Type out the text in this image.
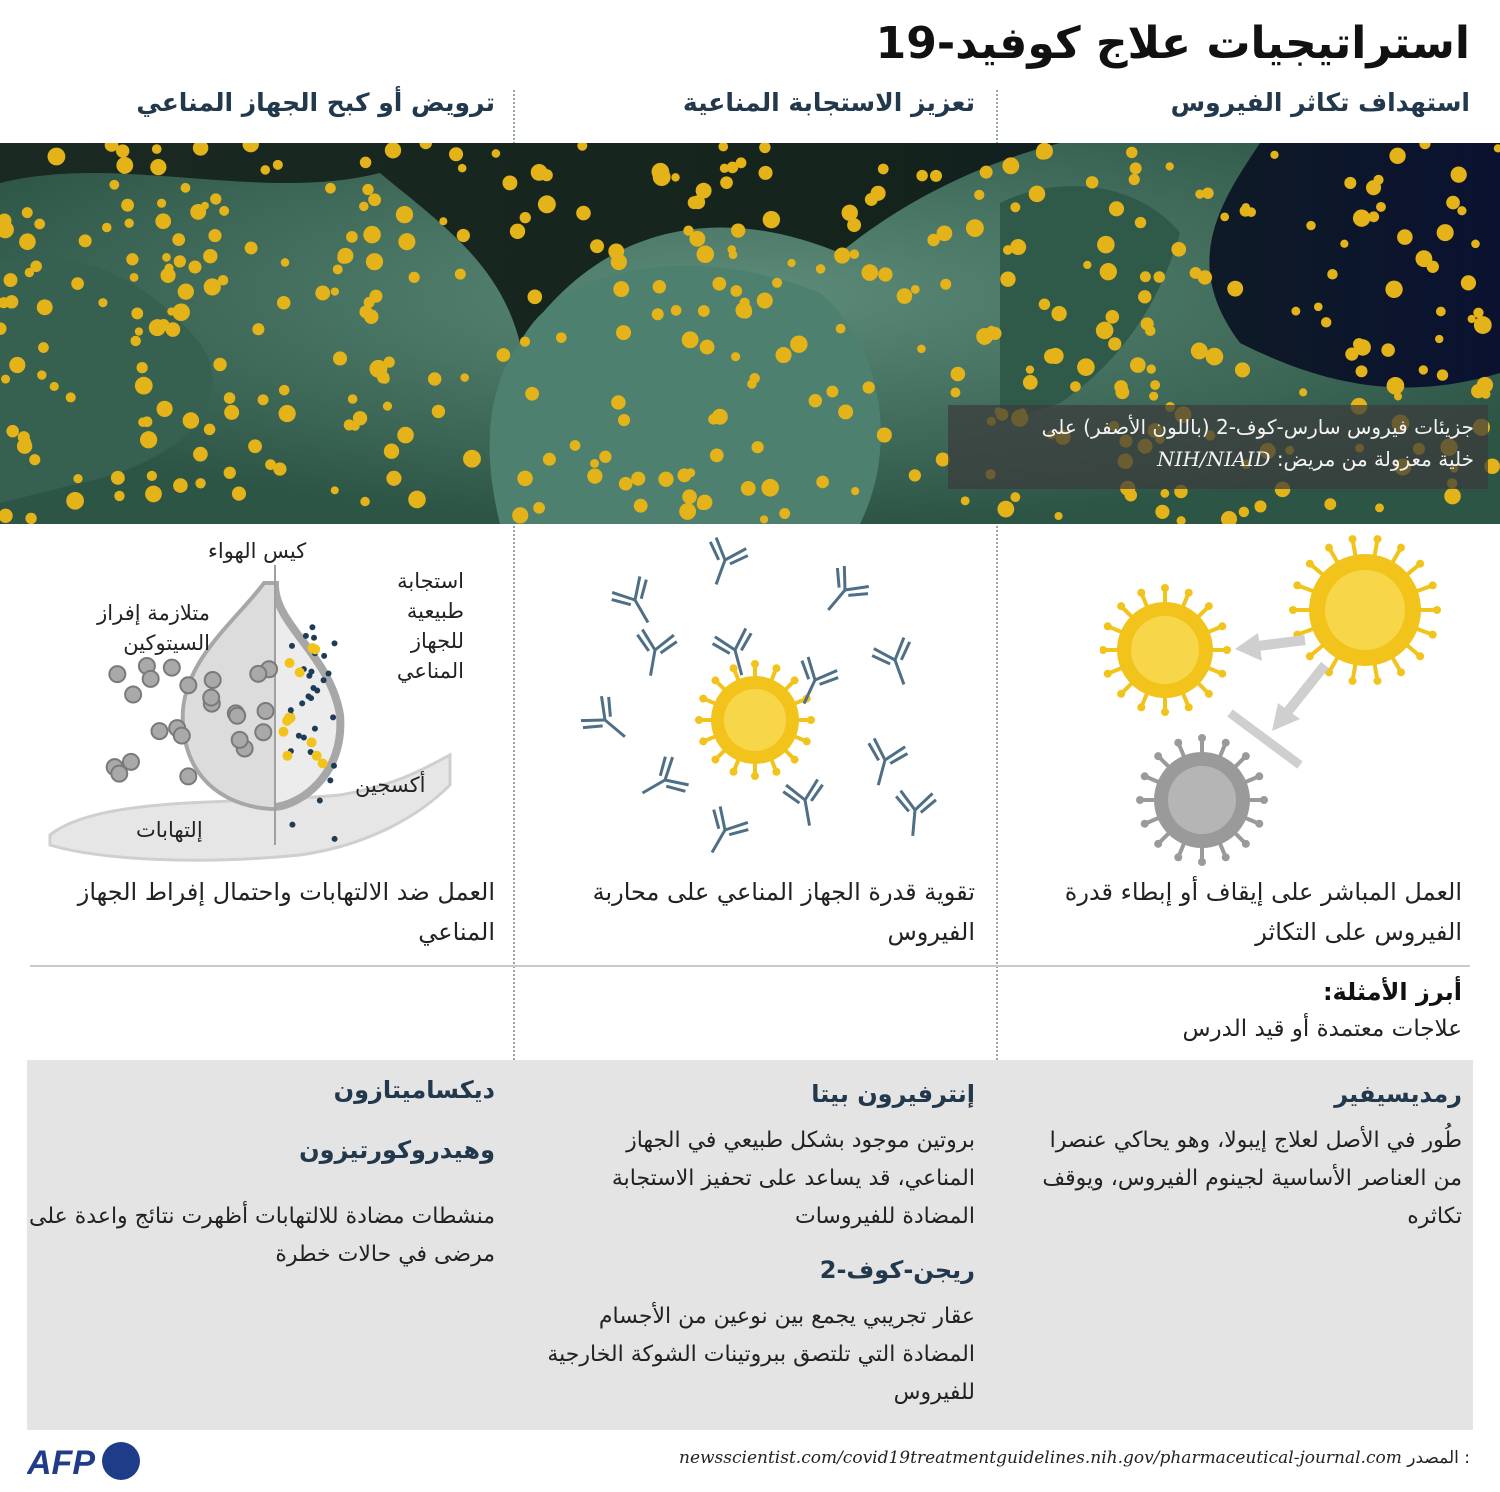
استراتيجيات علاج كوفيد-19
استهداف تكاثر الفيروس
تعزيز الاستجابة المناعية
ترويض أو كبح الجهاز المناعي
جزيئات فيروس سارس-كوف-2 (باللون الأصفر) على
خلية معزولة من مريض: NIH/NIAID
كيس الهواء
استجابة طبيعية للجهاز المناعي
متلازمة إفراز السيتوكين
أكسجين
إلتهابات
العمل المباشر على إيقاف أو إبطاء قدرة الفيروس على التكاثر
تقوية قدرة الجهاز المناعي على محاربة الفيروس
العمل ضد الالتهابات واحتمال إفراط الجهاز المناعي
أبرز الأمثلة:
علاجات معتمدة أو قيد الدرس
رمديسيفير
طُور في الأصل لعلاج إيبولا، وهو يحاكي عنصرا من العناصر الأساسية لجينوم الفيروس، ويوقف تكاثره
إنترفيرون بيتا
بروتين موجود بشكل طبيعي في الجهاز المناعي، قد يساعد على تحفيز الاستجابة المضادة للفيروسات
ريجن-كوف-2
عقار تجريبي يجمع بين نوعين من الأجسام المضادة التي تلتصق ببروتينات الشوكة الخارجية للفيروس
ديكساميتازون
وهيدروكورتيزون
منشطات مضادة للالتهابات أظهرت نتائج واعدة على مرضى في حالات خطرة
newsscientist.com/covid19treatmentguidelines.nih.gov/pharmaceutical-journal.com المصدر :
AFP
